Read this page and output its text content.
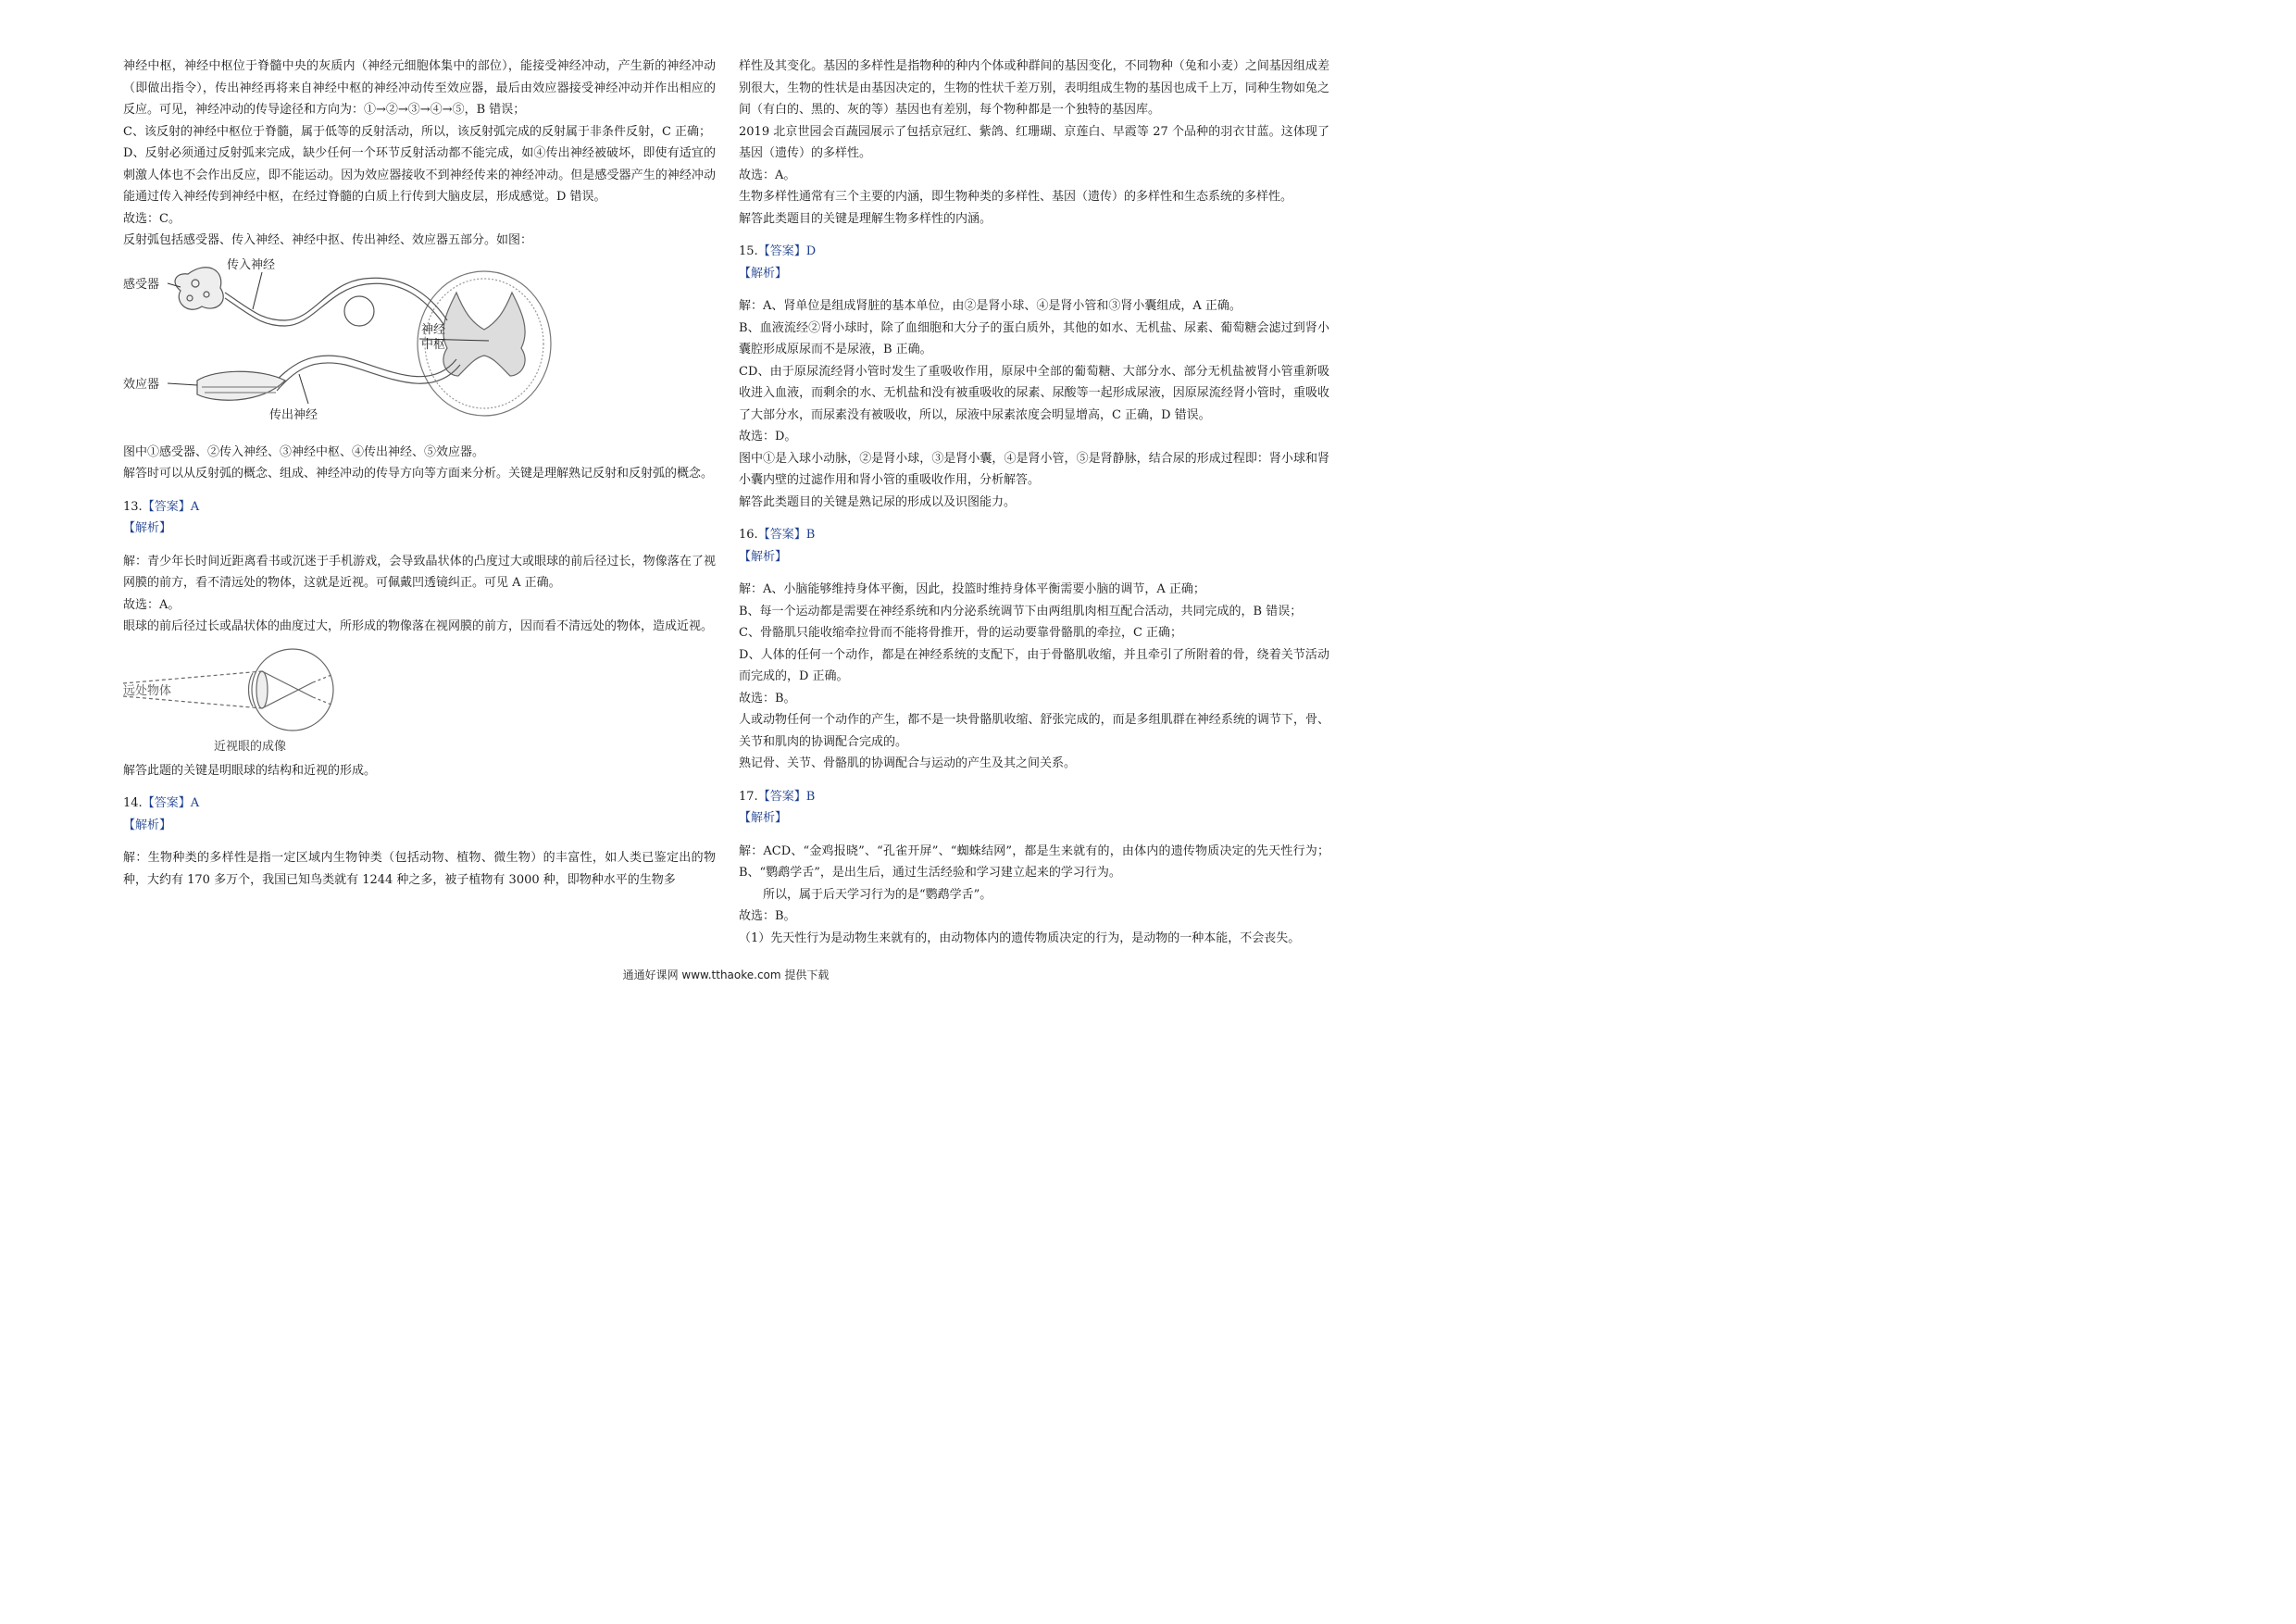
神经中枢，神经中枢位于脊髓中央的灰质内（神经元细胞体集中的部位），能接受神经冲动，产生新的神经冲动（即做出指令），传出神经再将来自神经中枢的神经冲动传至效应器，最后由效应器接受神经冲动并作出相应的反应。可见，神经冲动的传导途径和方向为：①→②→③→④→⑤，B 错误；

C、该反射的神经中枢位于脊髓，属于低等的反射活动，所以，该反射弧完成的反射属于非条件反射，C 正确；

D、反射必须通过反射弧来完成，缺少任何一个环节反射活动都不能完成，如④传出神经被破坏，即使有适宜的刺激人体也不会作出反应，即不能运动。因为效应器接收不到神经传来的神经冲动。但是感受器产生的神经冲动能通过传入神经传到神经中枢，在经过脊髓的白质上行传到大脑皮层，形成感觉。D 错误。

故选：C。

反射弧包括感受器、传入神经、神经中抠、传出神经、效应器五部分。如图：

传入神经
感受器
神经
中枢
效应器
传出神经

图中①感受器、②传入神经、③神经中枢、④传出神经、⑤效应器。

解答时可以从反射弧的概念、组成、神经冲动的传导方向等方面来分析。关键是理解熟记反射和反射弧的概念。

13.【答案】A

【解析】

解：青少年长时间近距离看书或沉迷于手机游戏，会导致晶状体的凸度过大或眼球的前后径过长，物像落在了视网膜的前方，看不清远处的物体，这就是近视。可佩戴凹透镜纠正。可见 A 正确。

故选：A。

眼球的前后径过长或晶状体的曲度过大，所形成的物像落在视网膜的前方，因而看不清远处的物体，造成近视。

远处物体
近视眼的成像

解答此题的关键是明眼球的结构和近视的形成。

14.【答案】A

【解析】

解：生物种类的多样性是指一定区域内生物钟类（包括动物、植物、微生物）的丰富性，如人类已鉴定出的物种，大约有 170 多万个，我国已知鸟类就有 1244 种之多，被子植物有 3000 种，即物种水平的生物多

样性及其变化。基因的多样性是指物种的种内个体或种群间的基因变化，不同物种（兔和小麦）之间基因组成差别很大，生物的性状是由基因决定的，生物的性状千差万别，表明组成生物的基因也成千上万，同种生物如兔之间（有白的、黑的、灰的等）基因也有差别，每个物种都是一个独特的基因库。

2019 北京世园会百蔬园展示了包括京冠红、紫鸽、红珊瑚、京莲白、早霞等 27 个品种的羽衣甘蓝。这体现了基因（遗传）的多样性。

故选：A。

生物多样性通常有三个主要的内涵，即生物种类的多样性、基因（遗传）的多样性和生态系统的多样性。

解答此类题目的关键是理解生物多样性的内涵。

15.【答案】D

【解析】

解：A、肾单位是组成肾脏的基本单位，由②是肾小球、④是肾小管和③肾小囊组成，A 正确。

B、血液流经②肾小球时，除了血细胞和大分子的蛋白质外，其他的如水、无机盐、尿素、葡萄糖会滤过到肾小囊腔形成原尿而不是尿液，B 正确。

CD、由于原尿流经肾小管时发生了重吸收作用，原尿中全部的葡萄糖、大部分水、部分无机盐被肾小管重新吸收进入血液，而剩余的水、无机盐和没有被重吸收的尿素、尿酸等一起形成尿液，因原尿流经肾小管时，重吸收了大部分水，而尿素没有被吸收，所以，尿液中尿素浓度会明显增高，C 正确，D 错误。

故选：D。

图中①是入球小动脉，②是肾小球，③是肾小囊，④是肾小管，⑤是肾静脉，结合尿的形成过程即：肾小球和肾小囊内壁的过滤作用和肾小管的重吸收作用，分析解答。

解答此类题目的关键是熟记尿的形成以及识图能力。

16.【答案】B

【解析】

解：A、小脑能够维持身体平衡，因此，投篮时维持身体平衡需要小脑的调节，A 正确；

B、每一个运动都是需要在神经系统和内分泌系统调节下由两组肌肉相互配合活动，共同完成的，B 错误；

C、骨骼肌只能收缩牵拉骨而不能将骨推开，骨的运动要靠骨骼肌的牵拉，C 正确；

D、人体的任何一个动作，都是在神经系统的支配下，由于骨骼肌收缩，并且牵引了所附着的骨，绕着关节活动而完成的，D 正确。

故选：B。

人或动物任何一个动作的产生，都不是一块骨骼肌收缩、舒张完成的，而是多组肌群在神经系统的调节下，骨、关节和肌肉的协调配合完成的。

熟记骨、关节、骨骼肌的协调配合与运动的产生及其之间关系。

17.【答案】B

【解析】

解：ACD、“金鸡报晓”、“孔雀开屏”、“蜘蛛结网”，都是生来就有的，由体内的遗传物质决定的先天性行为；B、“鹦鹉学舌”，是出生后，通过生活经验和学习建立起来的学习行为。

所以，属于后天学习行为的是“鹦鹉学舌”。

故选：B。

（1）先天性行为是动物生来就有的，由动物体内的遗传物质决定的行为，是动物的一种本能，不会丧失。

通通好课网 www.tthaoke.com 提供下载
